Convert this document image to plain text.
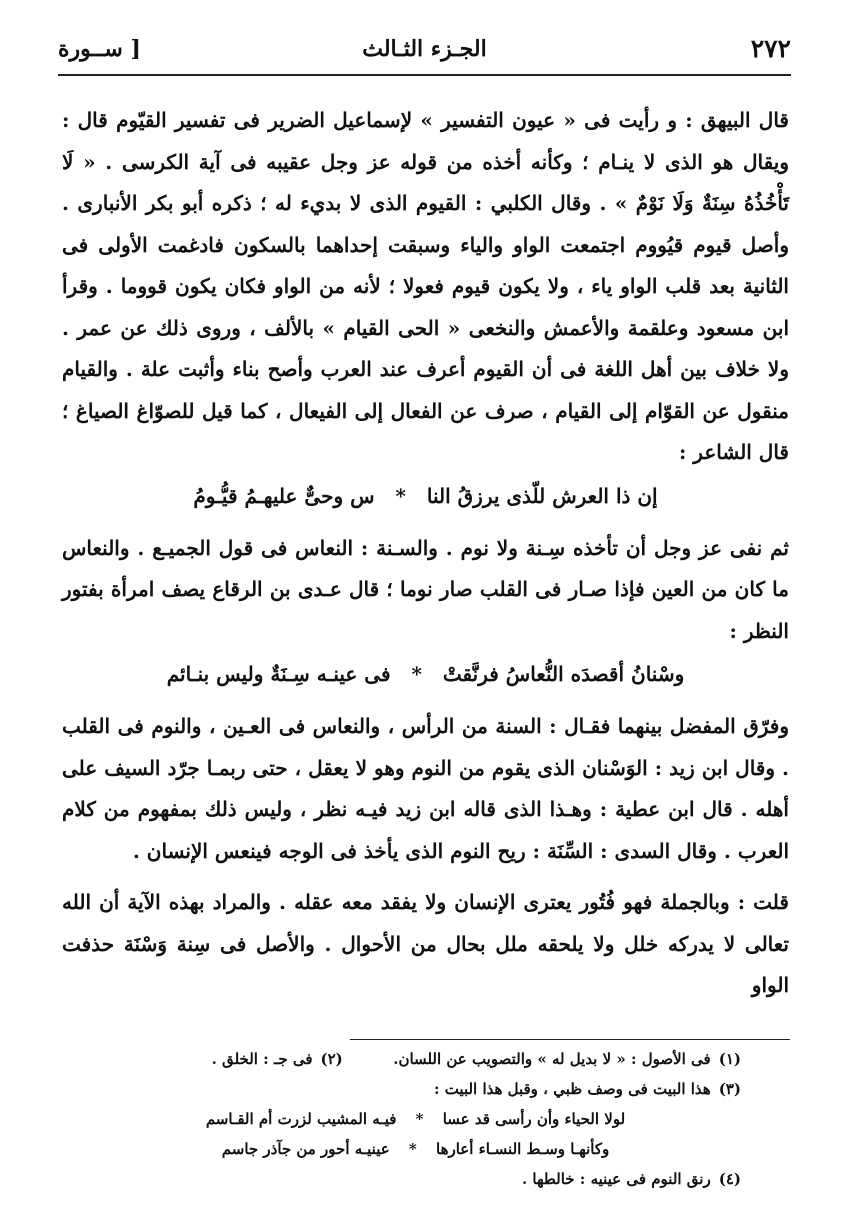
٢٧٢
الجـزء الثـالث
[ ســورة

قال البيهق : و رأيت فى « عيون التفسير » لإسماعيل الضرير فى تفسير القيّوم قال : ويقال هو الذى لا ينـام ؛ وكأنه أخذه من قوله عز وجل عقيبه فى آية الكرسى . « لَا تَأْخُذُهُ سِنَةٌ وَلَا نَوْمٌ » . وقال الكلبي : القيوم الذى لا بديء له ؛ ذكره أبو بكر الأنبارى . وأصل قيوم قيُووم اجتمعت الواو والياء وسبقت إحداهما بالسكون فادغمت الأولى فى الثانية بعد قلب الواو ياء ، ولا يكون قيوم فعولا ؛ لأنه من الواو فكان يكون قووما . وقرأ ابن مسعود وعلقمة والأعمش والنخعى « الحى القيام » بالألف ، وروى ذلك عن عمر . ولا خلاف بين أهل اللغة فى أن القيوم أعرف عند العرب وأصح بناء وأثبت علة . والقيام منقول عن القوّام إلى القيام ، صرف عن الفعال إلى الفيعال ، كما قيل للصوّاغ الصياغ ؛ قال الشاعر :

إن ذا العرش للّذى يرزقُ النا * س وحىٌّ عليهـمُ قيُّـومُ

ثم نفى عز وجل أن تأخذه سِـنة ولا نوم . والسـنة : النعاس فى قول الجميـع . والنعاس ما كان من العين فإذا صـار فى القلب صار نوما ؛ قال عـدى بن الرقاع يصف امرأة بفتور النظر :

وسْنانُ أقصدَه النُّعاسُ فرنَّقتْ * فى عينـه سِـنَةٌ وليس بنـائم

وفرّق المفضل بينهما فقـال : السنة من الرأس ، والنعاس فى العـين ، والنوم فى القلب . وقال ابن زيد : الوَسْنان الذى يقوم من النوم وهو لا يعقل ، حتى ربمـا جرّد السيف على أهله . قال ابن عطية : وهـذا الذى قاله ابن زيد فيـه نظر ، وليس ذلك بمفهوم من كلام العرب . وقال السدى : السِّنَة : ريح النوم الذى يأخذ فى الوجه فينعس الإنسان .

قلت : وبالجملة فهو فُتُور يعترى الإنسان ولا يفقد معه عقله . والمراد بهذه الآية أن الله تعالى لا يدركه خلل ولا يلحقه ملل بحال من الأحوال . والأصل فى سِنة وَسْنَة حذفت الواو

(١)فى الأصول : « لا بديل له » والتصويب عن اللسان.  (٢)فى جـ : الخلق .

(٣)هذا البيت فى وصف ظبي ، وقبل هذا البيت :

لولا الحياء وأن رأسى قد عسا * فيـه المشيب لزرت أم القـاسم

وكأنهـا وسـط النسـاء أعارها * عينيـه أحور من جآذر جاسم

(٤)رنق النوم فى عينيه : خالطها .
